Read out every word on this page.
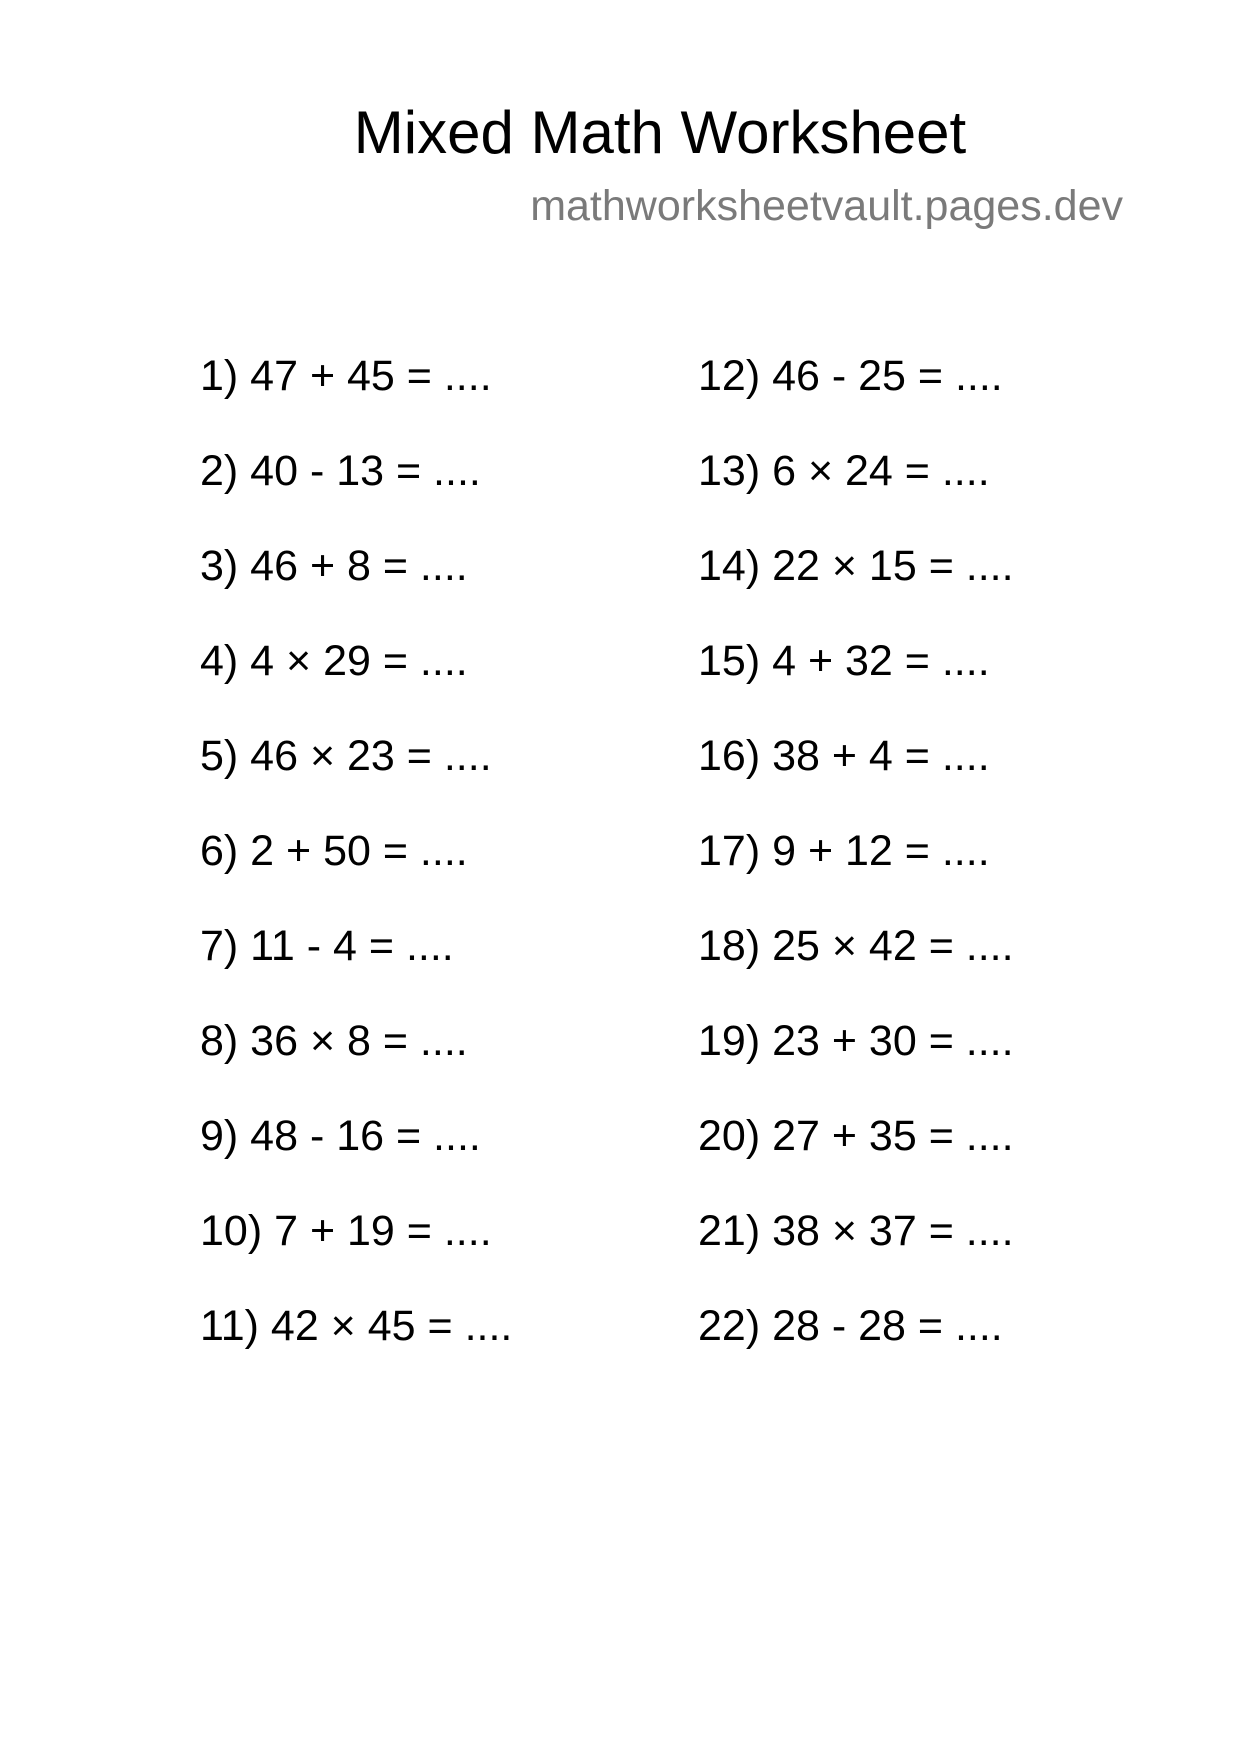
Mixed Math Worksheet
mathworksheetvault.pages.dev
1) 47 + 45 = ....
2) 40 - 13 = ....
3) 46 + 8 = ....
4) 4 × 29 = ....
5) 46 × 23 = ....
6) 2 + 50 = ....
7) 11 - 4 = ....
8) 36 × 8 = ....
9) 48 - 16 = ....
10) 7 + 19 = ....
11) 42 × 45 = ....
12) 46 - 25 = ....
13) 6 × 24 = ....
14) 22 × 15 = ....
15) 4 + 32 = ....
16) 38 + 4 = ....
17) 9 + 12 = ....
18) 25 × 42 = ....
19) 23 + 30 = ....
20) 27 + 35 = ....
21) 38 × 37 = ....
22) 28 - 28 = ....
